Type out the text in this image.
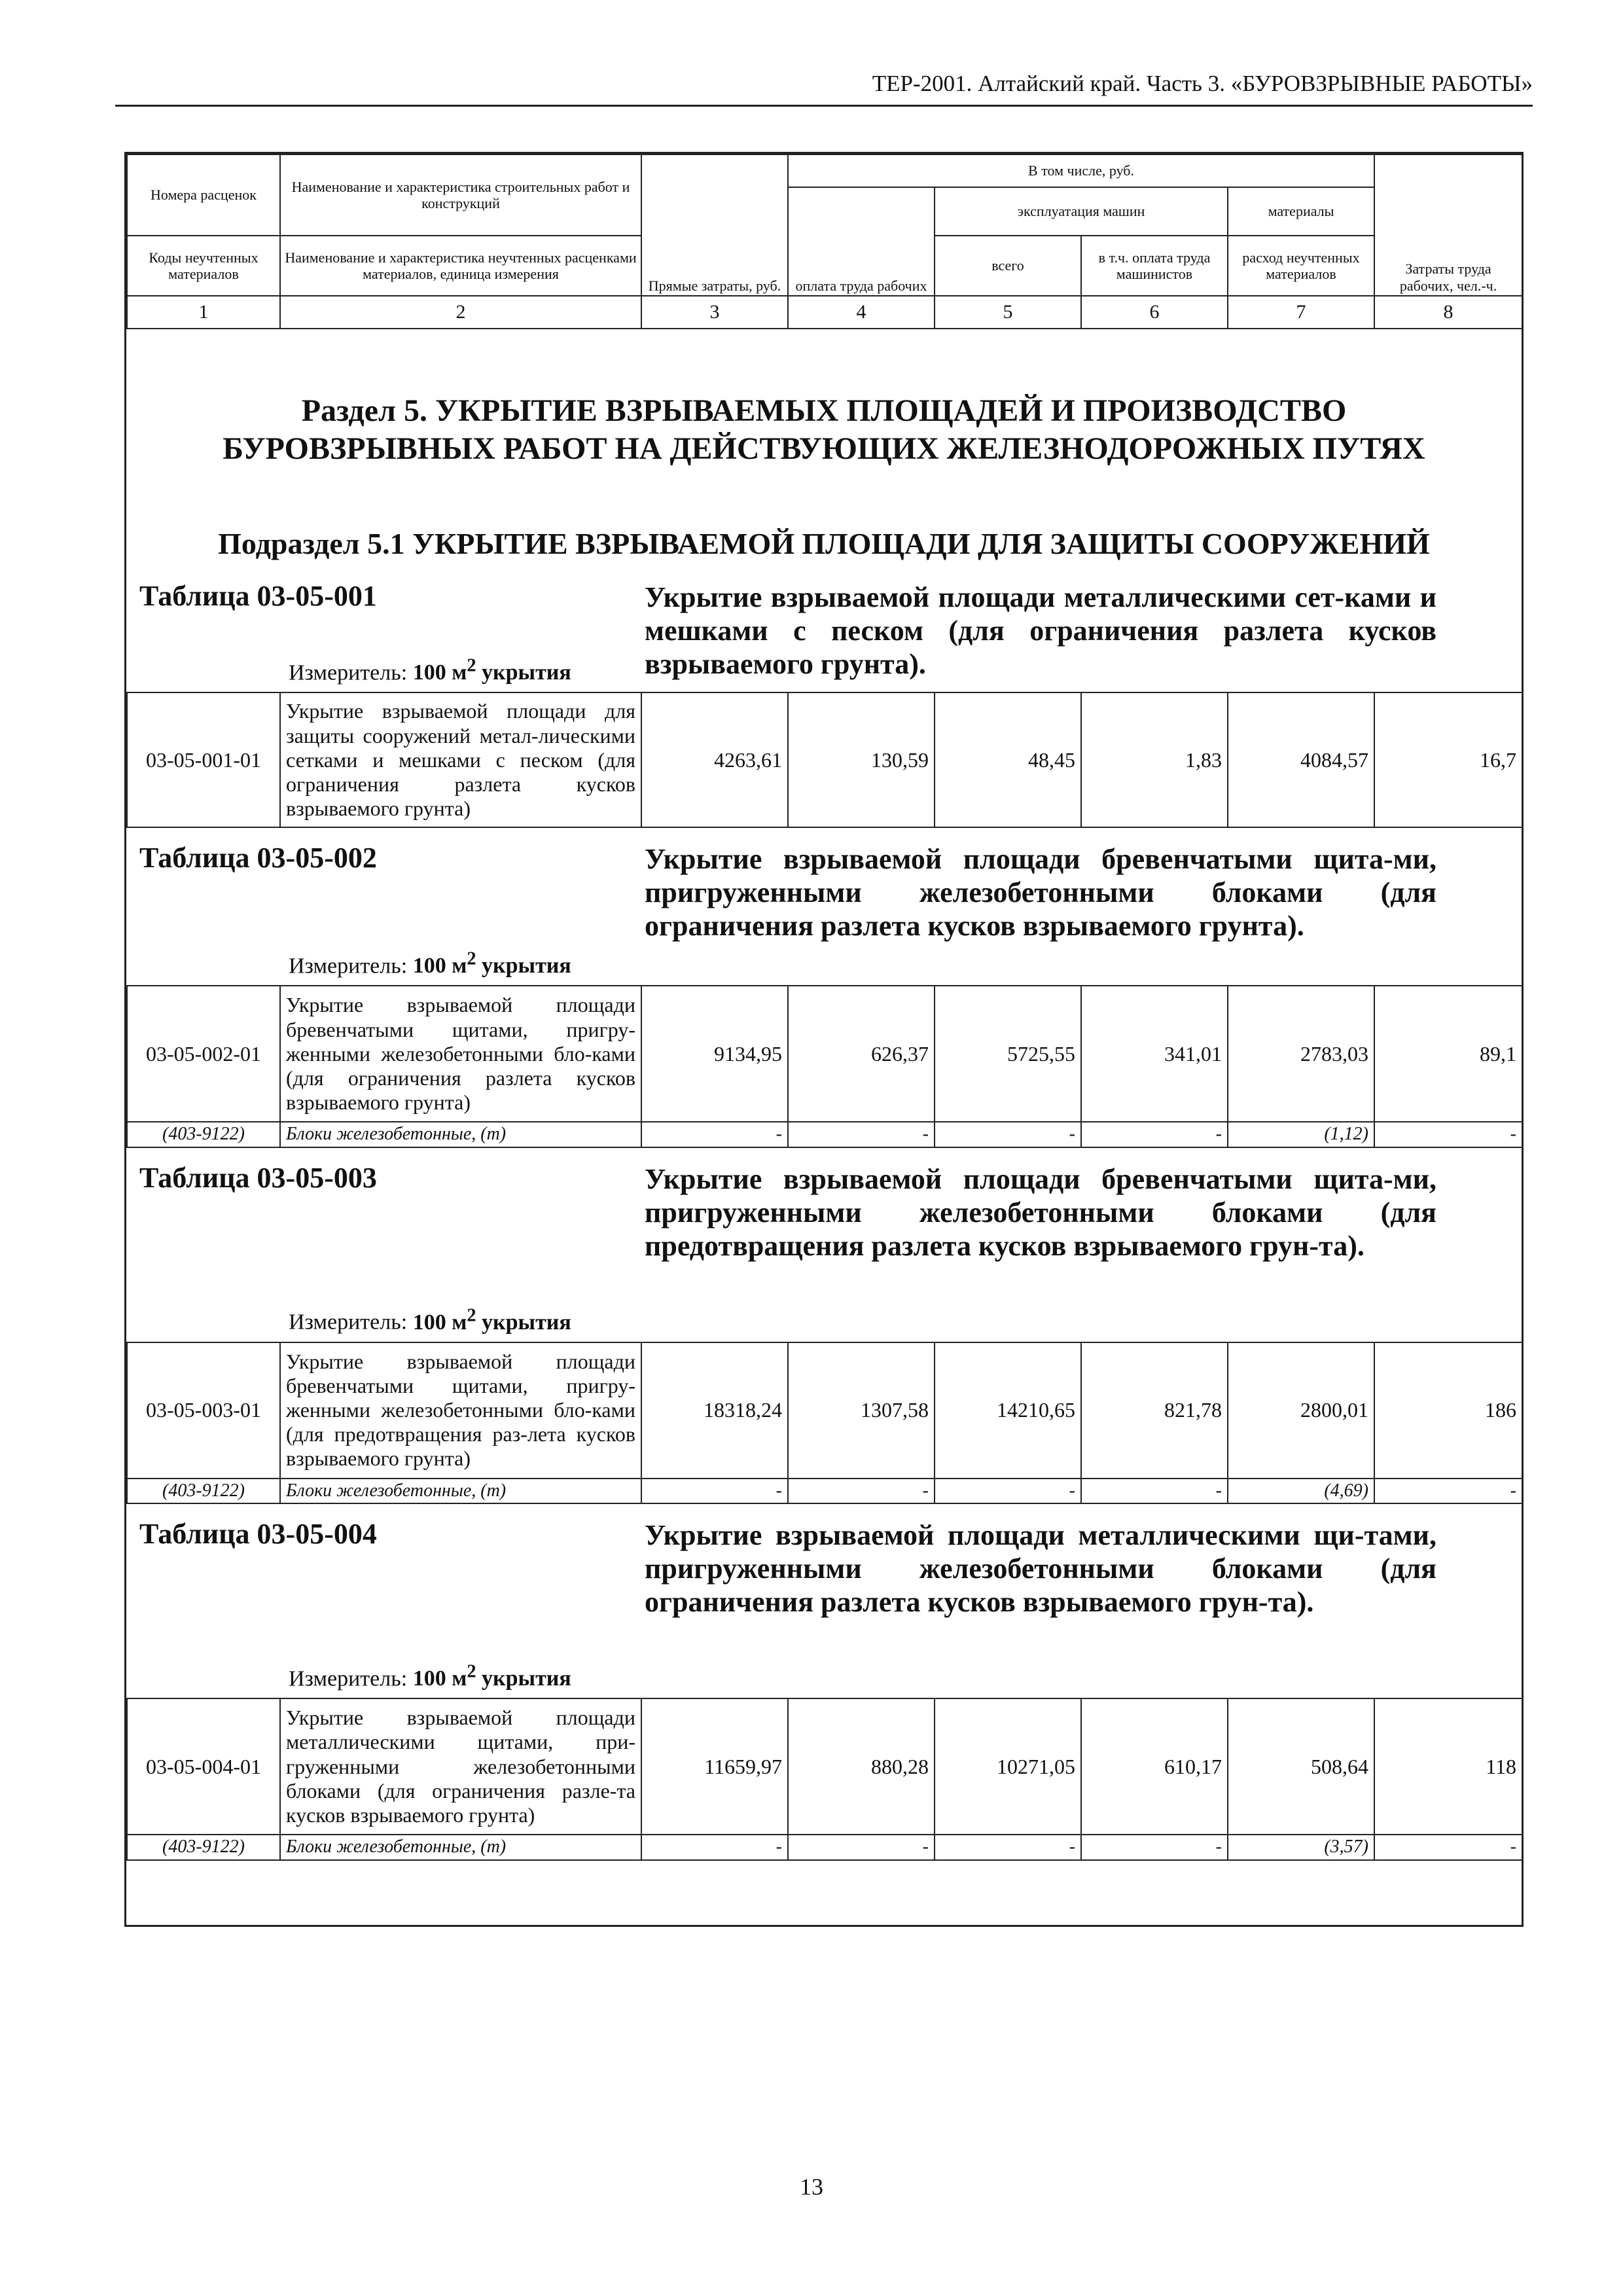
ТЕР-2001. Алтайский край. Часть 3. «БУРОВЗРЫВНЫЕ РАБОТЫ»
Номера расценок	Наименование и характеристика строительных работ и конструкций	Прямые затраты, руб.	В том числе, руб.				Затраты труда рабочих, чел.-ч.
			оплата труда рабочих	эксплуатация машин		материалы	
Коды неучтенных материалов	Наименование и характеристика неучтенных расценками материалов, единица измерения			всего	в т.ч. оплата труда машинистов	расход неучтенных материалов	
1	2	3	4	5	6	7	8
Раздел 5. УКРЫТИЕ ВЗРЫВАЕМЫХ ПЛОЩАДЕЙ И ПРОИЗВОДСТВО
БУРОВЗРЫВНЫХ РАБОТ НА ДЕЙСТВУЮЩИХ ЖЕЛЕЗНОДОРОЖНЫХ ПУТЯХ
Подраздел 5.1 УКРЫТИЕ ВЗРЫВАЕМОЙ ПЛОЩАДИ ДЛЯ ЗАЩИТЫ СООРУЖЕНИЙ
Таблица 03-05-001	Укрытие взрываемой площади металлическими сет-ками и мешками с песком (для ограничения разлета кусков взрываемого грунта).
Измеритель: 100 $м^2$ укрытия
03-05-001-01	Укрытие взрываемой площади для защиты сооружений метал-лическими сетками и мешками с песком (для ограничения разлета кусков взрываемого грунта)	4263,61	130,59	48,45	1,83	4084,57	16,7
Таблица 03-05-002	Укрытие взрываемой площади бревенчатыми щита-ми, пригруженными железобетонными блоками (для ограничения разлета кусков взрываемого грунта).
Измеритель: 100 $м^2$ укрытия
03-05-002-01	Укрытие взрываемой площади бревенчатыми щитами, пригру-женными железобетонными бло-ками (для ограничения разлета кусков взрываемого грунта)	9134,95	626,37	5725,55	341,01	2783,03	89,1
(403-9122)	Блоки железобетонные, (т)	-	-	-	-	(1,12)	-
Таблица 03-05-003	Укрытие взрываемой площади бревенчатыми щита-ми, пригруженными железобетонными блоками (для предотвращения разлета кусков взрываемого грун-та).
Измеритель: 100 $м^2$ укрытия
03-05-003-01	Укрытие взрываемой площади бревенчатыми щитами, пригру-женными железобетонными бло-ками (для предотвращения раз-лета кусков взрываемого грунта)	18318,24	1307,58	14210,65	821,78	2800,01	186
(403-9122)	Блоки железобетонные, (т)	-	-	-	-	(4,69)	-
Таблица 03-05-004	Укрытие взрываемой площади металлическими щи-тами, пригруженными железобетонными блоками (для ограничения разлета кусков взрываемого грун-та).
Измеритель: 100 $м^2$ укрытия
03-05-004-01	Укрытие взрываемой площади металлическими щитами, при-груженными железобетонными блоками (для ограничения разле-та кусков взрываемого грунта)	11659,97	880,28	10271,05	610,17	508,64	118
(403-9122)	Блоки железобетонные, (т)	-	-	-	-	(3,57)	-
13
